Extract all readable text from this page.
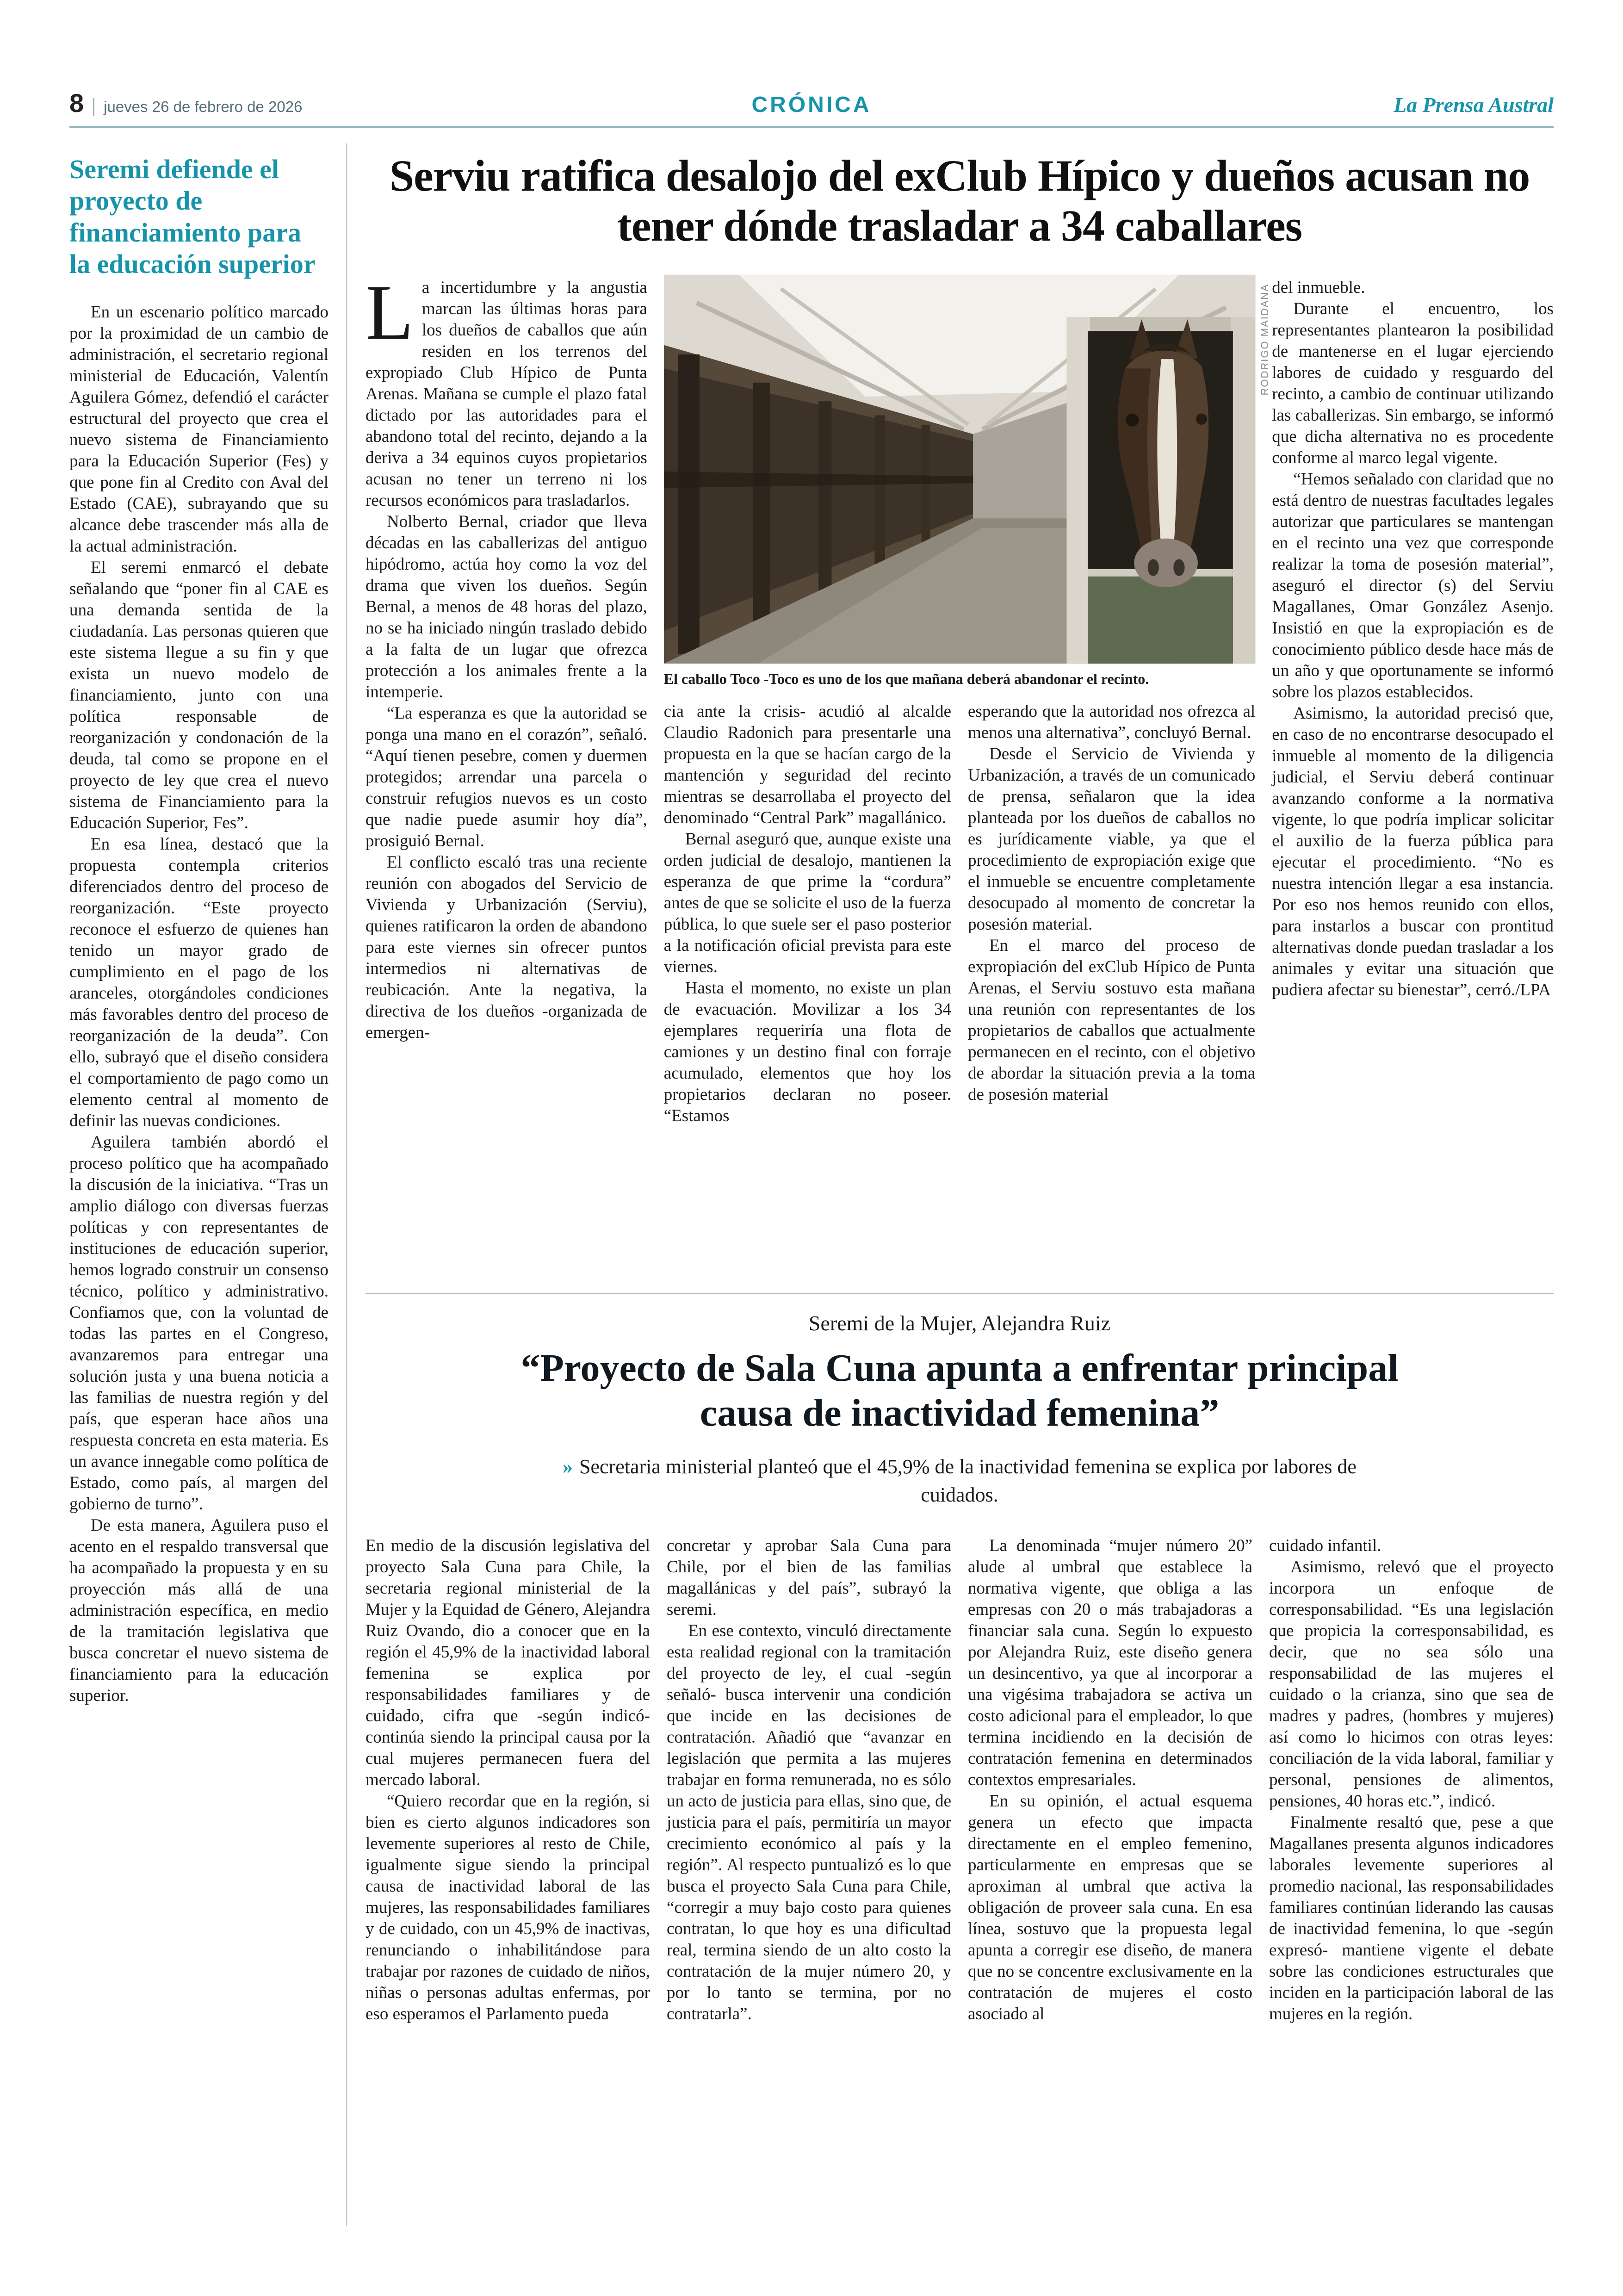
8	jueves 26 de febrero de 2026	CRÓNICA	La Prensa Austral
Seremi defiende el proyecto de financiamiento para la educación superior

En un escenario político marcado por la proximidad de un cambio de administración, el secretario regional ministerial de Educación, Valentín Aguilera Gómez, defendió el carácter estructural del proyecto que crea el nuevo sistema de Financiamiento para la Educación Superior (Fes) y que pone fin al Credito con Aval del Estado (CAE), subrayando que su alcance debe trascender más alla de la actual administración.

El seremi enmarcó el debate señalando que “poner fin al CAE es una demanda sentida de la ciudadanía. Las personas quieren que este sistema llegue a su fin y que exista un nuevo modelo de financiamiento, junto con una política responsable de reorganización y condonación de la deuda, tal como se propone en el proyecto de ley que crea el nuevo sistema de Financiamiento para la Educación Superior, Fes”.

En esa línea, destacó que la propuesta contempla criterios diferenciados dentro del proceso de reorganización. “Este proyecto reconoce el esfuerzo de quienes han tenido un mayor grado de cumplimiento en el pago de los aranceles, otorgándoles condiciones más favorables dentro del proceso de reorganización de la deuda”. Con ello, subrayó que el diseño considera el comportamiento de pago como un elemento central al momento de definir las nuevas condiciones.

Aguilera también abordó el proceso político que ha acompañado la discusión de la iniciativa. “Tras un amplio diálogo con diversas fuerzas políticas y con representantes de instituciones de educación superior, hemos logrado construir un consenso técnico, político y administrativo. Confiamos que, con la voluntad de todas las partes en el Congreso, avanzaremos para entregar una solución justa y una buena noticia a las familias de nuestra región y del país, que esperan hace años una respuesta concreta en esta materia. Es un avance innegable como política de Estado, como país, al margen del gobierno de turno”.

De esta manera, Aguilera puso el acento en el respaldo transversal que ha acompañado la propuesta y en su proyección más allá de una administración específica, en medio de la tramitación legislativa que busca concretar el nuevo sistema de financiamiento para la educación superior.

Serviu ratifica desalojo del exClub Hípico y dueños acusan no tener dónde trasladar a 34 caballares

La incertidumbre y la angustia marcan las últimas horas para los dueños de caballos que aún residen en los terrenos del expropiado Club Hípico de Punta Arenas. Mañana se cumple el plazo fatal dictado por las autoridades para el abandono total del recinto, dejando a la deriva a 34 equinos cuyos propietarios acusan no tener un terreno ni los recursos económicos para trasladarlos.

Nolberto Bernal, criador que lleva décadas en las caballerizas del antiguo hipódromo, actúa hoy como la voz del drama que viven los dueños. Según Bernal, a menos de 48 horas del plazo, no se ha iniciado ningún traslado debido a la falta de un lugar que ofrezca protección a los animales frente a la intemperie.

“La esperanza es que la autoridad se ponga una mano en el corazón”, señaló. “Aquí tienen pesebre, comen y duermen protegidos; arrendar una parcela o construir refugios nuevos es un costo que nadie puede asumir hoy día”, prosiguió Bernal.

El conflicto escaló tras una reciente reunión con abogados del Servicio de Vivienda y Urbanización (Serviu), quienes ratificaron la orden de abandono para este viernes sin ofrecer puntos intermedios ni alternativas de reubicación. Ante la negativa, la directiva de los dueños -organizada de emergen-

RODRIGO MAIDANA
El caballo Toco -Toco es uno de los que mañana deberá abandonar el recinto.

cia ante la crisis- acudió al alcalde Claudio Radonich para presentarle una propuesta en la que se hacían cargo de la mantención y seguridad del recinto mientras se desarrollaba el proyecto del denominado “Central Park” magallánico.

Bernal aseguró que, aunque existe una orden judicial de desalojo, mantienen la esperanza de que prime la “cordura” antes de que se solicite el uso de la fuerza pública, lo que suele ser el paso posterior a la notificación oficial prevista para este viernes.

Hasta el momento, no existe un plan de evacuación. Movilizar a los 34 ejemplares requeriría una flota de camiones y un destino final con forraje acumulado, elementos que hoy los propietarios declaran no poseer. “Estamos

esperando que la autoridad nos ofrezca al menos una alternativa”, concluyó Bernal.

Desde el Servicio de Vivienda y Urbanización, a través de un comunicado de prensa, señalaron que la idea planteada por los dueños de caballos no es jurídicamente viable, ya que el procedimiento de expropiación exige que el inmueble se encuentre completamente desocupado al momento de concretar la posesión material.

En el marco del proceso de expropiación del exClub Hípico de Punta Arenas, el Serviu sostuvo esta mañana una reunión con representantes de los propietarios de caballos que actualmente permanecen en el recinto, con el objetivo de abordar la situación previa a la toma de posesión material

del inmueble.

Durante el encuentro, los representantes plantearon la posibilidad de mantenerse en el lugar ejerciendo labores de cuidado y resguardo del recinto, a cambio de continuar utilizando las caballerizas. Sin embargo, se informó que dicha alternativa no es procedente conforme al marco legal vigente.

“Hemos señalado con claridad que no está dentro de nuestras facultades legales autorizar que particulares se mantengan en el recinto una vez que corresponde realizar la toma de posesión material”, aseguró el director (s) del Serviu Magallanes, Omar González Asenjo. Insistió en que la expropiación es de conocimiento público desde hace más de un año y que oportunamente se informó sobre los plazos establecidos.

Asimismo, la autoridad precisó que, en caso de no encontrarse desocupado el inmueble al momento de la diligencia judicial, el Serviu deberá continuar avanzando conforme a la normativa vigente, lo que podría implicar solicitar el auxilio de la fuerza pública para ejecutar el procedimiento. “No es nuestra intención llegar a esa instancia. Por eso nos hemos reunido con ellos, para instarlos a buscar con prontitud alternativas donde puedan trasladar a los animales y evitar una situación que pudiera afectar su bienestar”, cerró./LPA

Seremi de la Mujer, Alejandra Ruiz
“Proyecto de Sala Cuna apunta a enfrentar principal causa de inactividad femenina”
» Secretaria ministerial planteó que el 45,9% de la inactividad femenina se explica por labores de cuidados.

En medio de la discusión legislativa del proyecto Sala Cuna para Chile, la secretaria regional ministerial de la Mujer y la Equidad de Género, Alejandra Ruiz Ovando, dio a conocer que en la región el 45,9% de la inactividad laboral femenina se explica por responsabilidades familiares y de cuidado, cifra que -según indicó- continúa siendo la principal causa por la cual mujeres permanecen fuera del mercado laboral.

“Quiero recordar que en la región, si bien es cierto algunos indicadores son levemente superiores al resto de Chile, igualmente sigue siendo la principal causa de inactividad laboral de las mujeres, las responsabilidades familiares y de cuidado, con un 45,9% de inactivas, renunciando o inhabilitándose para trabajar por razones de cuidado de niños, niñas o personas adultas enfermas, por eso esperamos el Parlamento pueda

concretar y aprobar Sala Cuna para Chile, por el bien de las familias magallánicas y del país”, subrayó la seremi.

En ese contexto, vinculó directamente esta realidad regional con la tramitación del proyecto de ley, el cual -según señaló- busca intervenir una condición que incide en las decisiones de contratación. Añadió que “avanzar en legislación que permita a las mujeres trabajar en forma remunerada, no es sólo un acto de justicia para ellas, sino que, de justicia para el país, permitiría un mayor crecimiento económico al país y la región”. Al respecto puntualizó es lo que busca el proyecto Sala Cuna para Chile, “corregir a muy bajo costo para quienes contratan, lo que hoy es una dificultad real, termina siendo de un alto costo la contratación de la mujer número 20, y por lo tanto se termina, por no contratarla”.

La denominada “mujer número 20” alude al umbral que establece la normativa vigente, que obliga a las empresas con 20 o más trabajadoras a financiar sala cuna. Según lo expuesto por Alejandra Ruiz, este diseño genera un desincentivo, ya que al incorporar a una vigésima trabajadora se activa un costo adicional para el empleador, lo que termina incidiendo en la decisión de contratación femenina en determinados contextos empresariales.

En su opinión, el actual esquema genera un efecto que impacta directamente en el empleo femenino, particularmente en empresas que se aproximan al umbral que activa la obligación de proveer sala cuna. En esa línea, sostuvo que la propuesta legal apunta a corregir ese diseño, de manera que no se concentre exclusivamente en la contratación de mujeres el costo asociado al

cuidado infantil.

Asimismo, relevó que el proyecto incorpora un enfoque de corresponsabilidad. “Es una legislación que propicia la corresponsabilidad, es decir, que no sea sólo una responsabilidad de las mujeres el cuidado o la crianza, sino que sea de madres y padres, (hombres y mujeres) así como lo hicimos con otras leyes: conciliación de la vida laboral, familiar y personal, pensiones de alimentos, pensiones, 40 horas etc.”, indicó.

Finalmente resaltó que, pese a que Magallanes presenta algunos indicadores laborales levemente superiores al promedio nacional, las responsabilidades familiares continúan liderando las causas de inactividad femenina, lo que -según expresó- mantiene vigente el debate sobre las condiciones estructurales que inciden en la participación laboral de las mujeres en la región.
